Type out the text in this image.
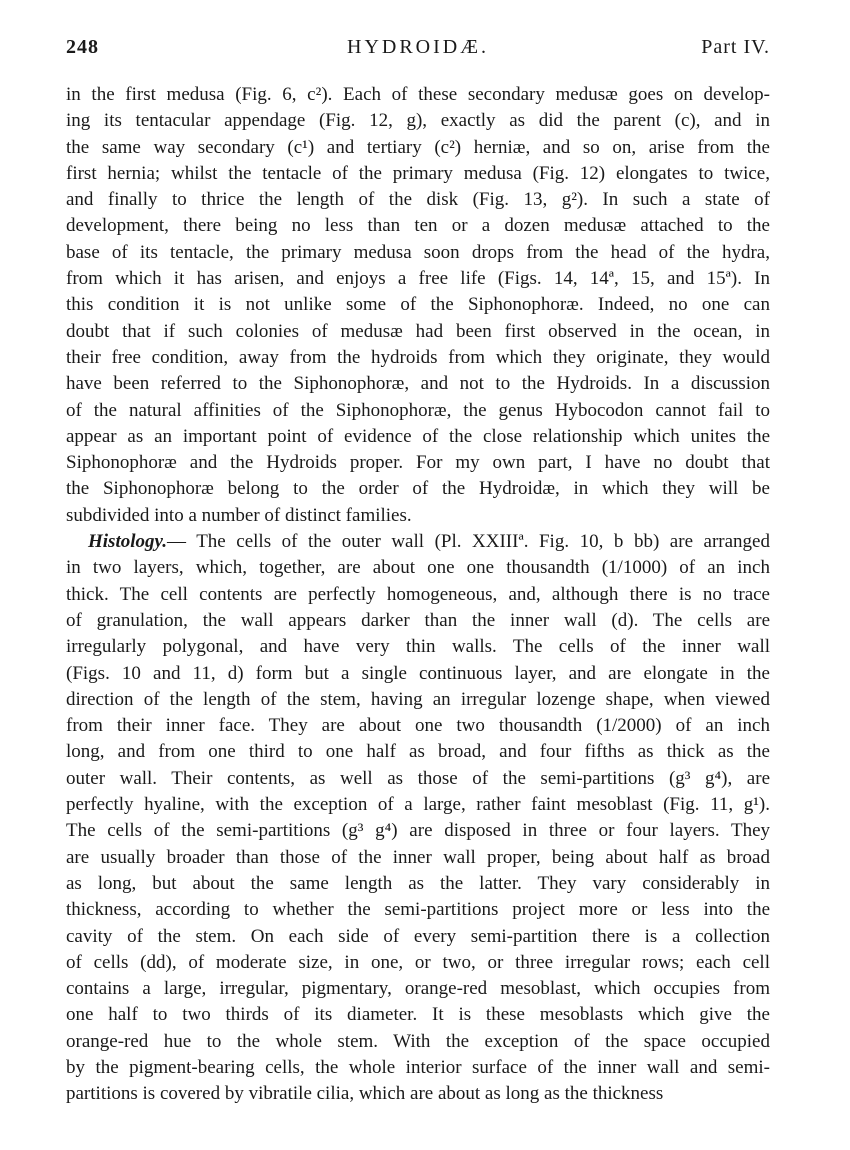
248	HYDROIDÆ.	Part IV.

in the first medusa (Fig. 6, c²). Each of these secondary medusæ goes on develop-

ing its tentacular appendage (Fig. 12, g), exactly as did the parent (c), and in

the same way secondary (c¹) and tertiary (c²) herniæ, and so on, arise from the

first hernia; whilst the tentacle of the primary medusa (Fig. 12) elongates to twice,

and finally to thrice the length of the disk (Fig. 13, g²). In such a state of

development, there being no less than ten or a dozen medusæ attached to the

base of its tentacle, the primary medusa soon drops from the head of the hydra,

from which it has arisen, and enjoys a free life (Figs. 14, 14ª, 15, and 15ª). In

this condition it is not unlike some of the Siphonophoræ. Indeed, no one can

doubt that if such colonies of medusæ had been first observed in the ocean, in

their free condition, away from the hydroids from which they originate, they would

have been referred to the Siphonophoræ, and not to the Hydroids. In a discussion

of the natural affinities of the Siphonophoræ, the genus Hybocodon cannot fail to

appear as an important point of evidence of the close relationship which unites the

Siphonophoræ and the Hydroids proper. For my own part, I have no doubt that

the Siphonophoræ belong to the order of the Hydroidæ, in which they will be

subdivided into a number of distinct families.

Histology.— The cells of the outer wall (Pl. XXIIIª. Fig. 10, b bb) are arranged

in two layers, which, together, are about one one thousandth (1/1000) of an inch

thick. The cell contents are perfectly homogeneous, and, although there is no trace

of granulation, the wall appears darker than the inner wall (d). The cells are

irregularly polygonal, and have very thin walls. The cells of the inner wall

(Figs. 10 and 11, d) form but a single continuous layer, and are elongate in the

direction of the length of the stem, having an irregular lozenge shape, when viewed

from their inner face. They are about one two thousandth (1/2000) of an inch

long, and from one third to one half as broad, and four fifths as thick as the

outer wall. Their contents, as well as those of the semi-partitions (g³ g⁴), are

perfectly hyaline, with the exception of a large, rather faint mesoblast (Fig. 11, g¹).

The cells of the semi-partitions (g³ g⁴) are disposed in three or four layers. They

are usually broader than those of the inner wall proper, being about half as broad

as long, but about the same length as the latter. They vary considerably in

thickness, according to whether the semi-partitions project more or less into the

cavity of the stem. On each side of every semi-partition there is a collection

of cells (dd), of moderate size, in one, or two, or three irregular rows; each cell

contains a large, irregular, pigmentary, orange-red mesoblast, which occupies from

one half to two thirds of its diameter. It is these mesoblasts which give the

orange-red hue to the whole stem. With the exception of the space occupied

by the pigment-bearing cells, the whole interior surface of the inner wall and semi-

partitions is covered by vibratile cilia, which are about as long as the thickness
